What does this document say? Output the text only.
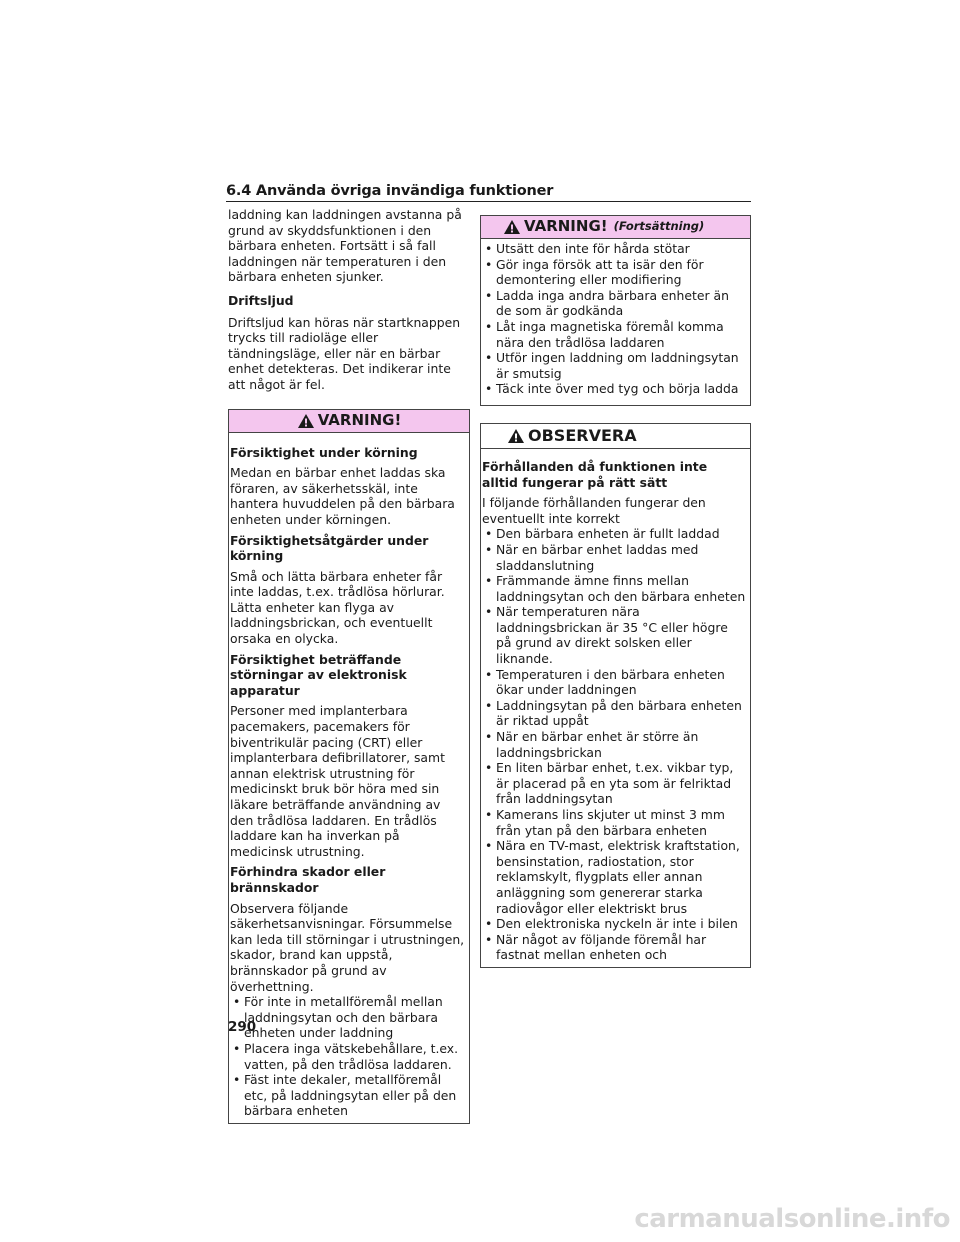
6.4 Använda övriga invändiga funktioner

laddning kan laddningen avstanna på grund av skyddsfunktionen i den bärbara enheten. Fortsätt i så fall laddningen när temperaturen i den bärbara enheten sjunker.

Driftsljud

Driftsljud kan höras när startknappen trycks till radioläge eller tändningsläge, eller när en bärbar enhet detekteras. Det indikerar inte att något är fel.

VARNING!

Försiktighet under körning

Medan en bärbar enhet laddas ska föraren, av säkerhetsskäl, inte hantera huvuddelen på den bärbara enheten under körningen.

Försiktighetsåtgärder under körning

Små och lätta bärbara enheter får inte laddas, t.ex. trådlösa hörlurar. Lätta enheter kan flyga av laddningsbrickan, och eventuellt orsaka en olycka.

Försiktighet beträffande störningar av elektronisk apparatur

Personer med implanterbara pacemakers, pacemakers för biventrikulär pacing (CRT) eller implanterbara defibrillatorer, samt annan elektrisk utrustning för medicinskt bruk bör höra med sin läkare beträffande användning av den trådlösa laddaren. En trådlös laddare kan ha inverkan på medicinsk utrustning.

Förhindra skador eller brännskador

Observera följande säkerhetsanvisningar. Försummelse kan leda till störningar i utrustningen, skador, brand kan uppstå, brännskador på grund av överhettning.

• För inte in metallföremål mellan laddningsytan och den bärbara enheten under laddning
• Placera inga vätskebehållare, t.ex. vatten, på den trådlösa laddaren.
• Fäst inte dekaler, metallföremål etc, på laddningsytan eller på den bärbara enheten
VARNING! (Fortsättning)
• Utsätt den inte för hårda stötar
• Gör inga försök att ta isär den för demontering eller modifiering
• Ladda inga andra bärbara enheter än de som är godkända
• Låt inga magnetiska föremål komma nära den trådlösa laddaren
• Utför ingen laddning om laddningsytan är smutsig
• Täck inte över med tyg och börja ladda
OBSERVERA

Förhållanden då funktionen inte alltid fungerar på rätt sätt

I följande förhållanden fungerar den eventuellt inte korrekt

• Den bärbara enheten är fullt laddad
• När en bärbar enhet laddas med sladdanslutning
• Främmande ämne finns mellan laddningsytan och den bärbara enheten
• När temperaturen nära laddningsbrickan är 35 °C eller högre på grund av direkt solsken eller liknande.
• Temperaturen i den bärbara enheten ökar under laddningen
• Laddningsytan på den bärbara enheten är riktad uppåt
• När en bärbar enhet är större än laddningsbrickan
• En liten bärbar enhet, t.ex. vikbar typ, är placerad på en yta som är felriktad från laddningsytan
• Kamerans lins skjuter ut minst 3 mm från ytan på den bärbara enheten
• Nära en TV-mast, elektrisk kraftstation, bensinstation, radiostation, stor reklamskylt, flygplats eller annan anläggning som genererar starka radiovågor eller elektriskt brus
• Den elektroniska nyckeln är inte i bilen
• När något av följande föremål har fastnat mellan enheten och
290
carmanualsonline.info
